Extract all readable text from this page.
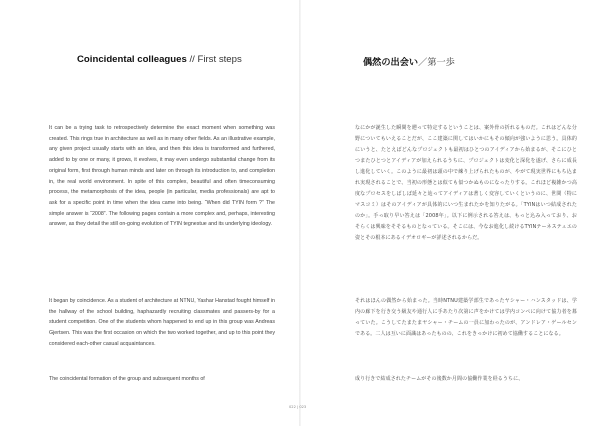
Coincidental colleagues // First steps

It can be a trying task to retrospectively determine the exact moment when something was created. This rings true in architecture as well as in many other fields. As an illustrative example, any given project usually starts with an idea, and then this idea is transformed and furthered, added to by one or many, it grows, it evolves, it may even undergo substantial change from its original form, first through human minds and later on through its introduction to, and completion in, the real world environment. In spite of this complex, beautiful and often timeconsuming process, the metamorphosis of the idea, people (in particular, media professionals) are apt to ask for a specific point in time when the idea came into being. “When did TYIN form ?” The simple answer is “2008”. The following pages contain a more complex and, perhaps, interesting answer, as they detail the still on-going evolution of TYIN tegnestue and its underlying ideology.

It began by coincidence. As a student of architecture at NTNU, Yashar Hanstad fought himself in the hallway of the school building, haphazardly recruiting classmates and passers-by for a student competition. One of the students whom happened to end up in this group was Andreas Gjertsen. This was the first occasion on which the two worked together, and up to this point they considered each-other casual acquaintances.

The coincidental formation of the group and subsequent months of

偶然の出会い／第一歩

なにかが誕生した瞬間を遡って特定するということは、案外骨の折れるものだ。これはどんな分野についてもいえることだが、ここ建築に関してはいかにもその傾向が強いように思う。具体的にいうと、たとえばどんなプロジェクトも最初はひとつのアイディアから始まるが、そこにひとつまたひとつとアイディアが加えられるうちに、プロジェクトは変化と深化を遂げ、さらに成長し進化していく。このように最初は頭の中で練り上げられたものが、やがて現実世界にもち込まれ実現されることで、当初の形態とは似ても似つかぬものになったりする。これほど複雑かつ高度なプロセスをしばしば延々と辿ってアイディアは著しく変容していくというのに、世間（特にマスコミ）はそのアイディアが具体的にいつ生まれたかを知りたがる。「TYINはいつ結成されたのか」。手っ取り早い答えは「2008年」。以下に例示される答えは、もっと込み入っており、おそらくは興味をそそるものとなっている。そこには、今なお進化し続けるTYINテーネステュエの姿とその根本にあるイデオロギーが詳述されるからだ。

それはほんの偶然から始まった。当時NTNU建築学部生であったヤシャー・ハンスタッドは、学内の廊下を行き交う級友や通行人に手あたり次第に声をかけては学内コンペに向けて協力者を募っていた。こうしてたまたまヤシャー・チームの一員に加わったのが、アンドレア・ゲールセンである。二人は互いに面識はあったものの、これをきっかけに初めて協働することになる。

成り行きで結成されたチームがその後数か月間の協働作業を経るうちに、

022 | 023
